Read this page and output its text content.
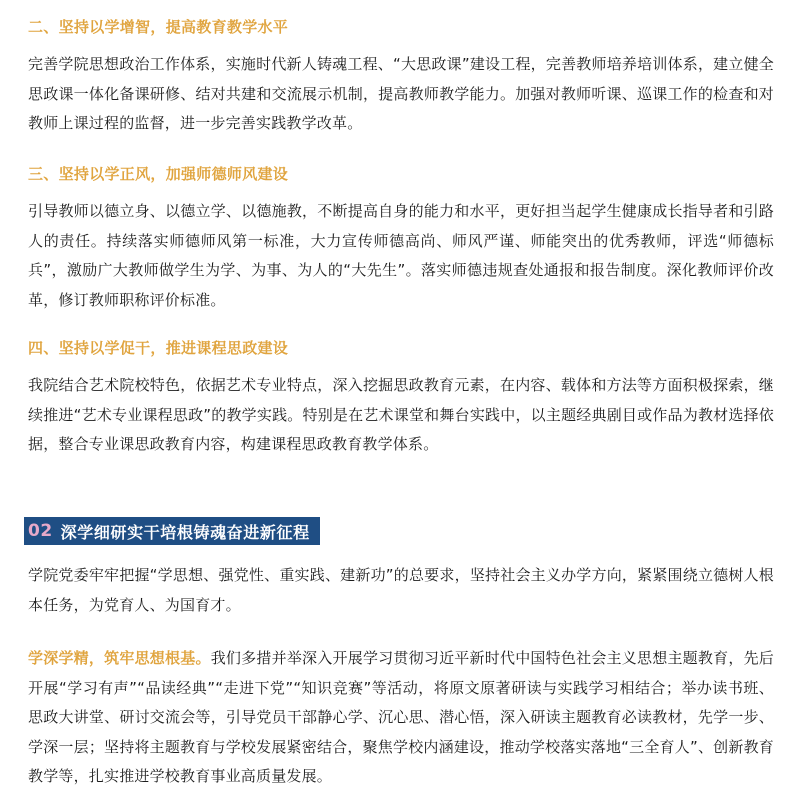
二、坚持以学增智，提高教育教学水平
完善学院思想政治工作体系，实施时代新人铸魂工程、“大思政课”建设工程，完善教师培养培训体系，建立健全思政课一体化备课研修、结对共建和交流展示机制，提高教师教学能力。加强对教师听课、巡课工作的检查和对教师上课过程的监督，进一步完善实践教学改革。
三、坚持以学正风，加强师德师风建设
引导教师以德立身、以德立学、以德施教，不断提高自身的能力和水平，更好担当起学生健康成长指导者和引路人的责任。持续落实师德师风第一标准，大力宣传师德高尚、师风严谨、师能突出的优秀教师，评选“师德标兵”，激励广大教师做学生为学、为事、为人的“大先生”。落实师德违规查处通报和报告制度。深化教师评价改革，修订教师职称评价标准。
四、坚持以学促干，推进课程思政建设
我院结合艺术院校特色，依据艺术专业特点，深入挖掘思政教育元素，在内容、载体和方法等方面积极探索，继续推进“艺术专业课程思政”的教学实践。特别是在艺术课堂和舞台实践中，以主题经典剧目或作品为教材选择依据，整合专业课思政教育内容，构建课程思政教育教学体系。
02 深学细研实干培根铸魂奋进新征程
学院党委牢牢把握“学思想、强党性、重实践、建新功”的总要求，坚持社会主义办学方向，紧紧围绕立德树人根本任务，为党育人、为国育才。
学深学精，筑牢思想根基。我们多措并举深入开展学习贯彻习近平新时代中国特色社会主义思想主题教育，先后开展“学习有声”“品读经典”“走进下党”“知识竞赛”等活动，将原文原著研读与实践学习相结合；举办读书班、思政大讲堂、研讨交流会等，引导党员干部静心学、沉心思、潜心悟，深入研读主题教育必读教材，先学一步、学深一层；坚持将主题教育与学校发展紧密结合，聚焦学校内涵建设，推动学校落实落地“三全育人”、创新教育教学等，扎实推进学校教育事业高质量发展。
